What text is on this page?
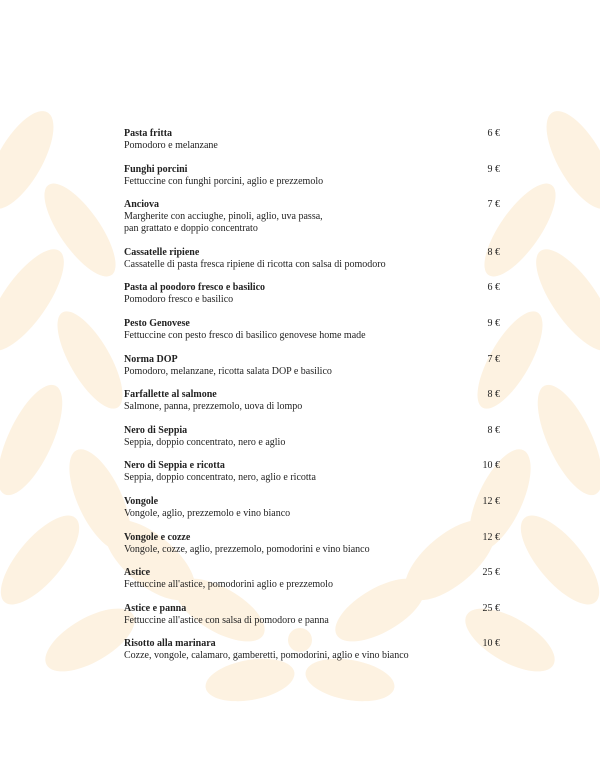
Pasta fritta	6 €
Pomodoro e melanzane
Funghi porcini	9 €
Fettuccine con funghi porcini, aglio e prezzemolo
Anciova	7 €
Margherite con acciughe, pinoli, aglio, uva passa,
pan grattato e doppio concentrato
Cassatelle ripiene	8 €
Cassatelle di pasta fresca ripiene di ricotta con salsa di pomodoro
Pasta al poodoro fresco e basilico	6 €
Pomodoro fresco e basilico
Pesto Genovese	9 €
Fettuccine con pesto fresco di basilico genovese home made
Norma DOP	7 €
Pomodoro, melanzane, ricotta salata DOP e basilico
Farfallette al salmone	8 €
Salmone, panna, prezzemolo, uova di lompo
Nero di Seppia	8 €
Seppia, doppio concentrato, nero e aglio
Nero di Seppia e ricotta	10 €
Seppia, doppio concentrato, nero, aglio e ricotta
Vongole	12 €
Vongole, aglio, prezzemolo e vino bianco
Vongole e cozze	12 €
Vongole, cozze, aglio, prezzemolo, pomodorini e vino bianco
Astice	25 €
Fettuccine all'astice, pomodorini aglio e prezzemolo
Astice e panna	25 €
Fettuccine all'astice con salsa di pomodoro e panna
Risotto alla marinara	10 €
Cozze, vongole, calamaro, gamberetti, pomodorini, aglio e vino bianco
